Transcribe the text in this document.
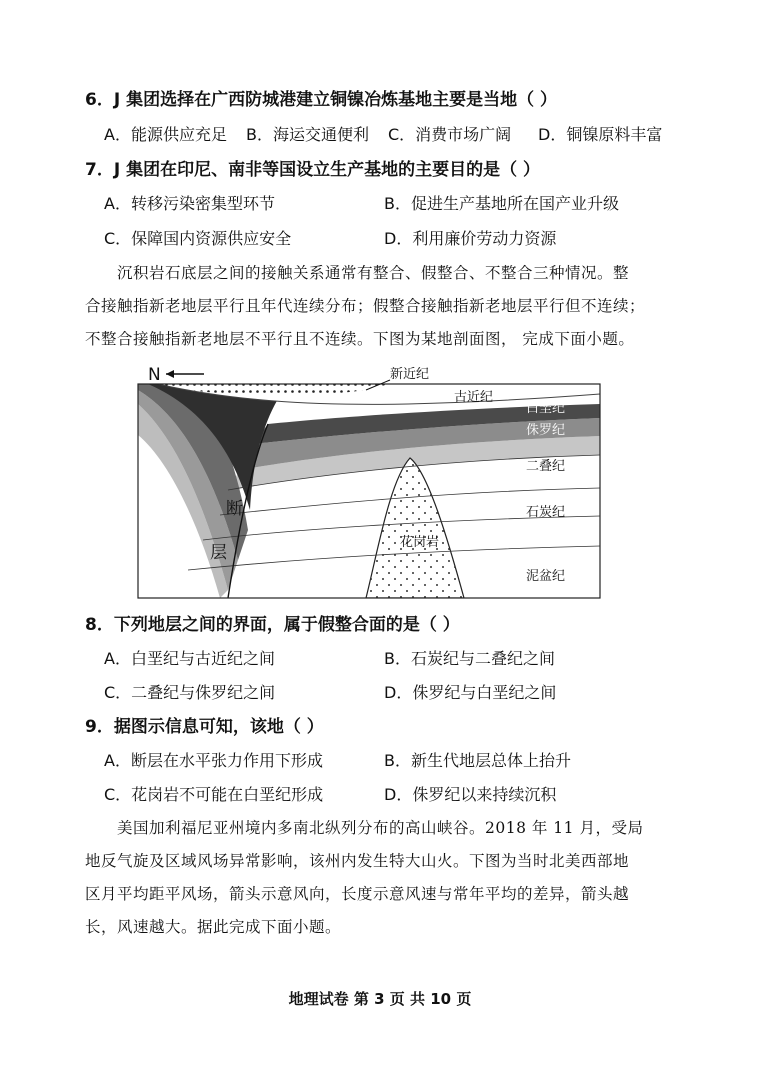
6．J 集团选择在广西防城港建立铜镍冶炼基地主要是当地（ ）
A．能源供应充足 B．海运交通便利 C．消费市场广阔 D．铜镍原料丰富
7．J 集团在印尼、南非等国设立生产基地的主要目的是（ ）
A．转移污染密集型环节	B．促进生产基地所在国产业升级
C．保障国内资源供应安全	D．利用廉价劳动力资源

沉积岩石底层之间的接触关系通常有整合、假整合、不整合三种情况。整

合接触指新老地层平行且年代连续分布；假整合接触指新老地层平行但不连续；

不整合接触指新老地层不平行且不连续。下图为某地剖面图， 完成下面小题。

N	新近纪
古近纪
白垩纪
侏罗纪
二叠纪
石炭纪
泥盆纪
花岗岩
断
层
8．下列地层之间的界面，属于假整合面的是（ ）
A．白垩纪与古近纪之间	B．石炭纪与二叠纪之间
C．二叠纪与侏罗纪之间	D．侏罗纪与白垩纪之间
9．据图示信息可知，该地（ ）
A．断层在水平张力作用下形成	B．新生代地层总体上抬升
C．花岗岩不可能在白垩纪形成	D．侏罗纪以来持续沉积

美国加利福尼亚州境内多南北纵列分布的高山峡谷。2018 年 11 月，受局

地反气旋及区域风场异常影响，该州内发生特大山火。下图为当时北美西部地

区月平均距平风场，箭头示意风向，长度示意风速与常年平均的差异，箭头越

长，风速越大。据此完成下面小题。

地理试卷 第 3 页 共 10 页
